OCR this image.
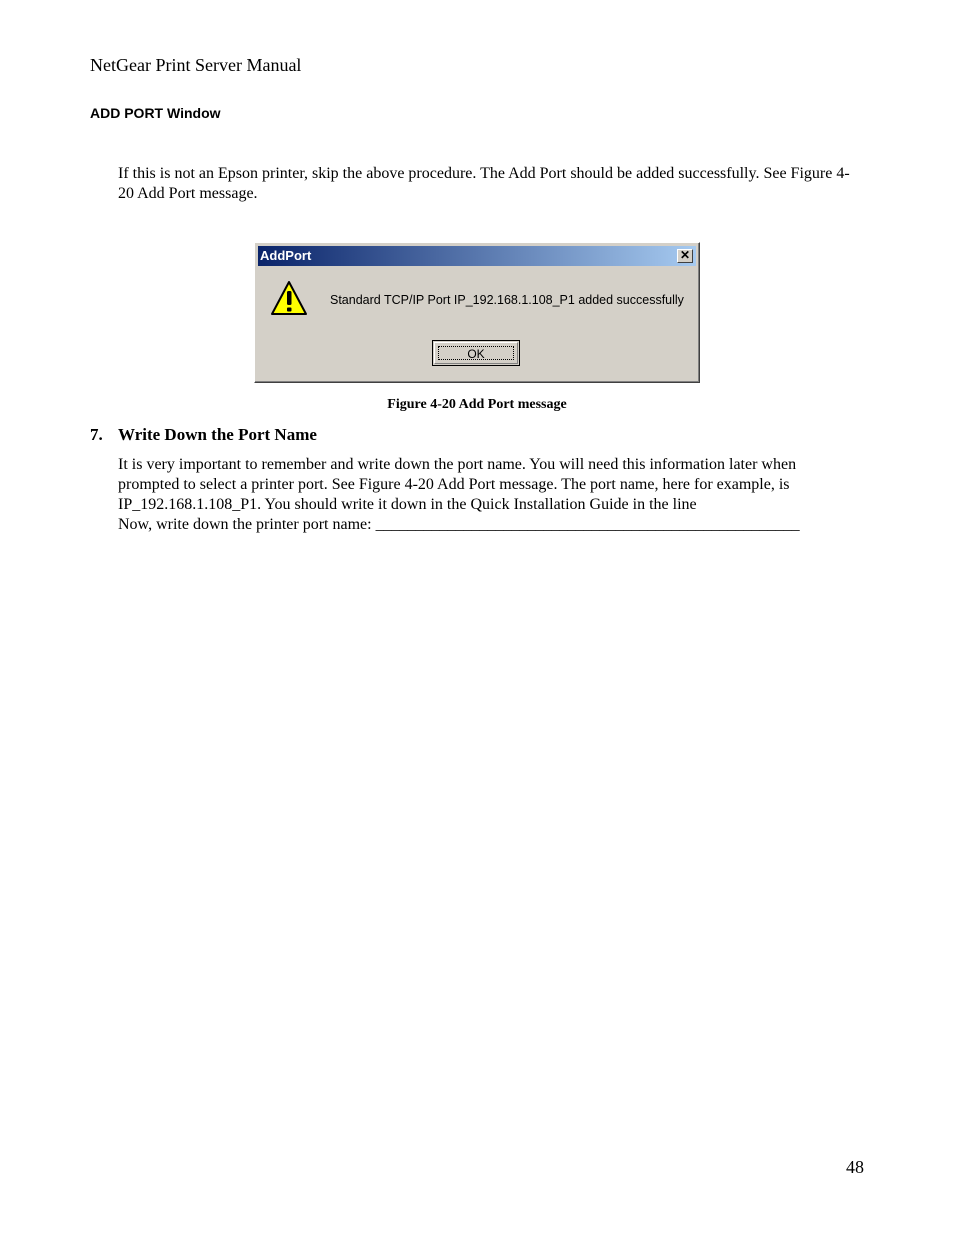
NetGear Print Server Manual
ADD PORT Window
If this is not an Epson printer, skip the above procedure. The Add Port should be added successfully. See Figure 4-20 Add Port message.
AddPort	✕
Standard TCP/IP Port IP_192.168.1.108_P1 added successfully
OK
Figure 4-20 Add Port message
7. Write Down the Port Name
It is very important to remember and write down the port name. You will need this information later when
prompted to select a printer port. See Figure 4-20 Add Port message. The port name, here for example, is
IP_192.168.1.108_P1. You should write it down in the Quick Installation Guide in the line
Now, write down the printer port name: _____________________________________________________
48
